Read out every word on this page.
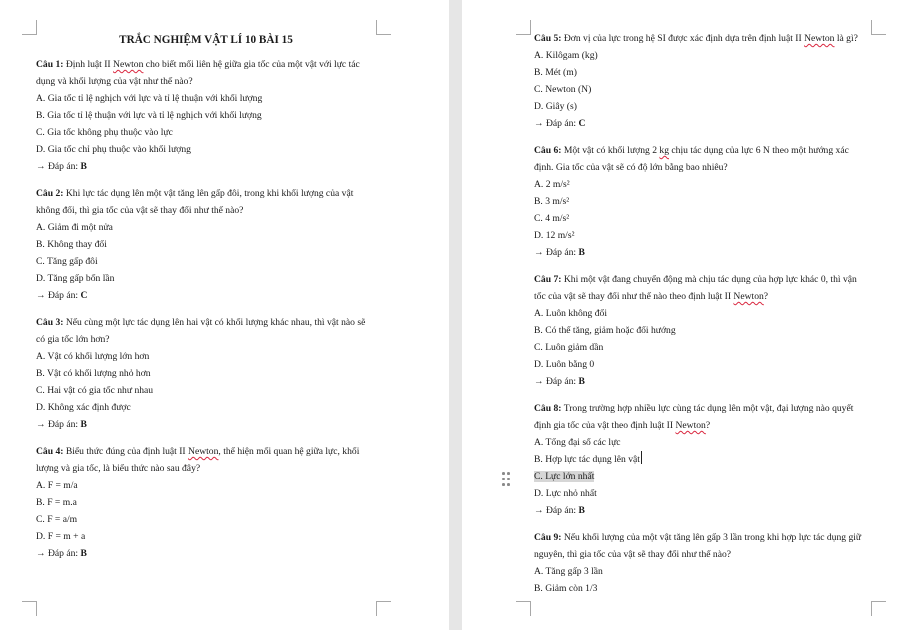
TRẮC NGHIỆM VẬT LÍ 10 BÀI 15

Câu 1: Định luật II Newton cho biết mối liên hệ giữa gia tốc của một vật với lực tác dụng và khối lượng của vật như thế nào?

A. Gia tốc tỉ lệ nghịch với lực và tỉ lệ thuận với khối lượng

B. Gia tốc tỉ lệ thuận với lực và tỉ lệ nghịch với khối lượng

C. Gia tốc không phụ thuộc vào lực

D. Gia tốc chỉ phụ thuộc vào khối lượng

→ Đáp án: B

Câu 2: Khi lực tác dụng lên một vật tăng lên gấp đôi, trong khi khối lượng của vật không đổi, thì gia tốc của vật sẽ thay đổi như thế nào?

A. Giảm đi một nửa

B. Không thay đổi

C. Tăng gấp đôi

D. Tăng gấp bốn lần

→ Đáp án: C

Câu 3: Nếu cùng một lực tác dụng lên hai vật có khối lượng khác nhau, thì vật nào sẽ có gia tốc lớn hơn?

A. Vật có khối lượng lớn hơn

B. Vật có khối lượng nhỏ hơn

C. Hai vật có gia tốc như nhau

D. Không xác định được

→ Đáp án: B

Câu 4: Biểu thức đúng của định luật II Newton, thể hiện mối quan hệ giữa lực, khối lượng và gia tốc, là biểu thức nào sau đây?

A. F = m/a

B. F = m.a

C. F = a/m

D. F = m + a

→ Đáp án: B

Câu 5: Đơn vị của lực trong hệ SI được xác định dựa trên định luật II Newton là gì?

A. Kilôgam (kg)

B. Mét (m)

C. Newton (N)

D. Giây (s)

→ Đáp án: C

Câu 6: Một vật có khối lượng 2 kg chịu tác dụng của lực 6 N theo một hướng xác định. Gia tốc của vật sẽ có độ lớn bằng bao nhiêu?

A. 2 m/s²

B. 3 m/s²

C. 4 m/s²

D. 12 m/s²

→ Đáp án: B

Câu 7: Khi một vật đang chuyển động mà chịu tác dụng của hợp lực khác 0, thì vận tốc của vật sẽ thay đổi như thế nào theo định luật II Newton?

A. Luôn không đổi

B. Có thể tăng, giảm hoặc đổi hướng

C. Luôn giảm dần

D. Luôn bằng 0

→ Đáp án: B

Câu 8: Trong trường hợp nhiều lực cùng tác dụng lên một vật, đại lượng nào quyết định gia tốc của vật theo định luật II Newton?

A. Tổng đại số các lực

B. Hợp lực tác dụng lên vật

C. Lực lớn nhất

D. Lực nhỏ nhất

→ Đáp án: B

Câu 9: Nếu khối lượng của một vật tăng lên gấp 3 lần trong khi hợp lực tác dụng giữ nguyên, thì gia tốc của vật sẽ thay đổi như thế nào?

A. Tăng gấp 3 lần

B. Giảm còn 1/3
